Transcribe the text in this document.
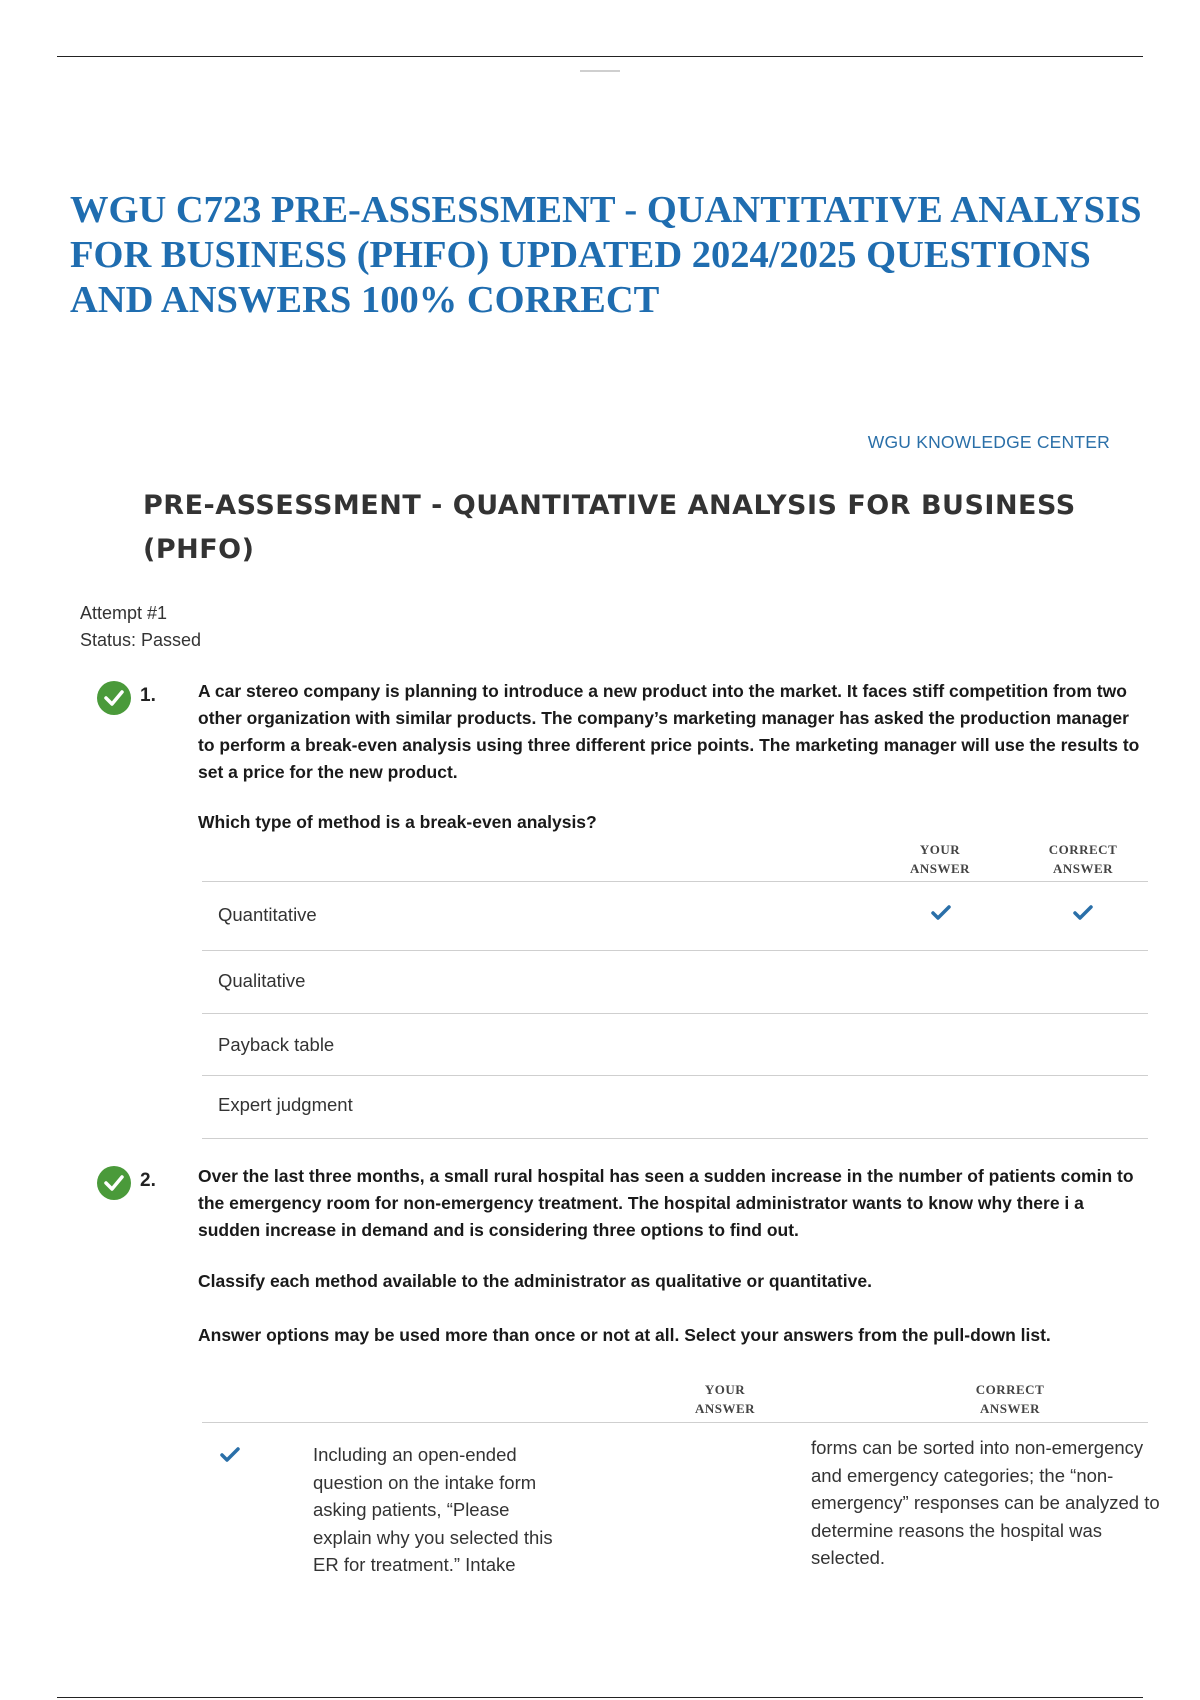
WGU C723 PRE-ASSESSMENT - QUANTITATIVE ANALYSIS FOR BUSINESS (PHFO) UPDATED 2024/2025 QUESTIONS AND ANSWERS 100% CORRECT

WGU KNOWLEDGE CENTER

PRE-ASSESSMENT - QUANTITATIVE ANALYSIS FOR BUSINESS (PHFO)
Attempt #1
Status: Passed
1. A car stereo company is planning to introduce a new product into the market. It faces stiff competition from two other organization with similar products. The company’s marketing manager has asked the production manager to perform a break-even analysis using three different price points. The marketing manager will use the results to set a price for the new product.

Which type of method is a break-even analysis?

YOUR
ANSWER
CORRECT
ANSWER
Quantitative
Qualitative
Payback table
Expert judgment
2. Over the last three months, a small rural hospital has seen a sudden increase in the number of patients comin to the emergency room for non-emergency treatment. The hospital administrator wants to know why there i a sudden increase in demand and is considering three options to find out.

Classify each method available to the administrator as qualitative or quantitative.

Answer options may be used more than once or not at all. Select your answers from the pull-down list.

YOUR
ANSWER
CORRECT
ANSWER

Including an open-ended question on the intake form asking patients, “Please explain why you selected this ER for treatment.” Intake

forms can be sorted into non-emergency and emergency categories; the “non-emergency” responses can be analyzed to determine reasons the hospital was selected.
